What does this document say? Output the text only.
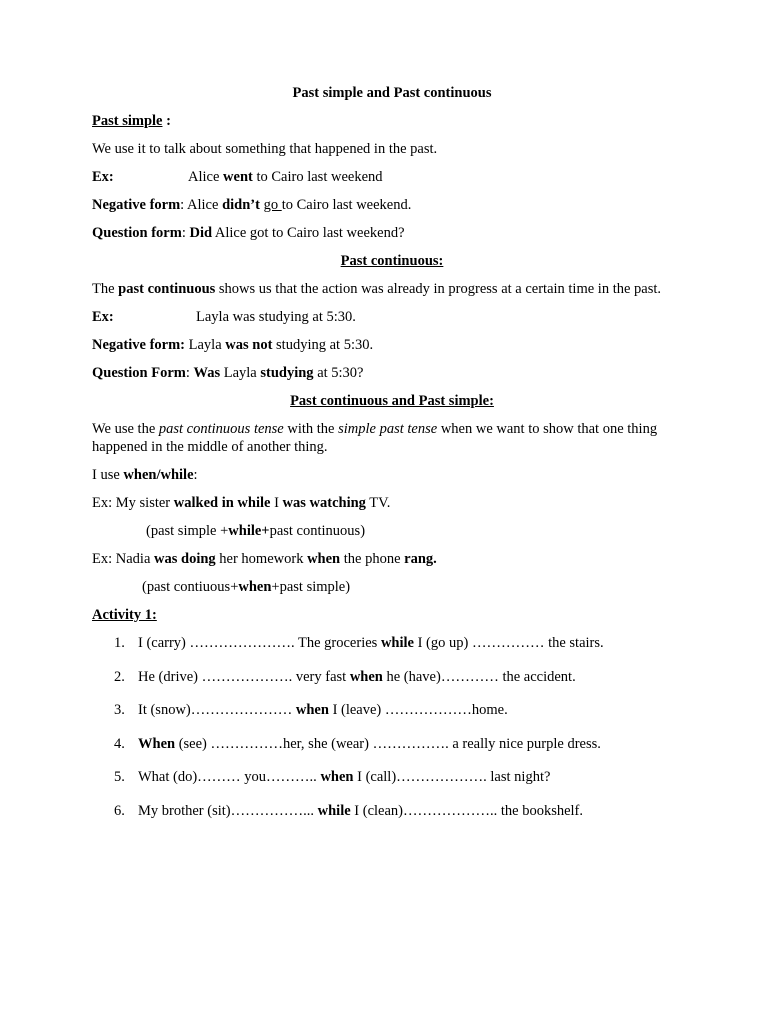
Past simple and Past continuous

Past simple :

We use it to talk about something that happened in the past.

Ex:	Alice went to Cairo last weekend

Negative form: Alice didn’t go to Cairo last weekend.

Question form: Did Alice got to Cairo last weekend?

Past continuous:

The past continuous shows us that the action was already in progress at a certain time in the past.

Ex:	Layla was studying at 5:30.

Negative form: Layla was not studying at 5:30.

Question Form: Was Layla studying at 5:30?

Past continuous and Past simple:

We use the past continuous tense with the simple past tense when we want to show that one thing happened in the middle of another thing.

I use when/while:

Ex: My sister walked in while I was watching TV.

(past simple +while+past continuous)

Ex: Nadia was doing her homework when the phone rang.

(past contiuous+when+past simple)

Activity 1:

1. I (carry) …………………. The groceries while I (go up) …………… the stairs.
2. He (drive) ………………. very fast when he (have)………… the accident.
3. It (snow)………………… when I (leave) ………………home.
4. When (see) ……………her, she (wear) ……………. a really nice purple dress.
5. What (do)……… you……….. when I (call)………………. last night?
6. My brother (sit)……………... while I (clean)……………….. the bookshelf.
